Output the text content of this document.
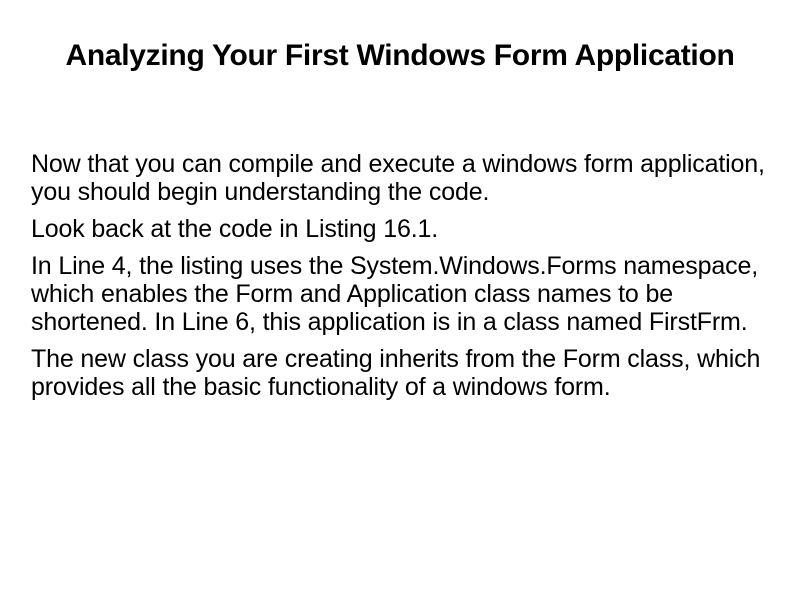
Analyzing Your First Windows Form Application

Now that you can compile and execute a windows form application, you should begin understanding the code.

Look back at the code in Listing 16.1.

In Line 4, the listing uses the System.Windows.Forms namespace, which enables the Form and Application class names to be shortened. In Line 6, this application is in a class named FirstFrm.

The new class you are creating inherits from the Form class, which provides all the basic functionality of a windows form.
